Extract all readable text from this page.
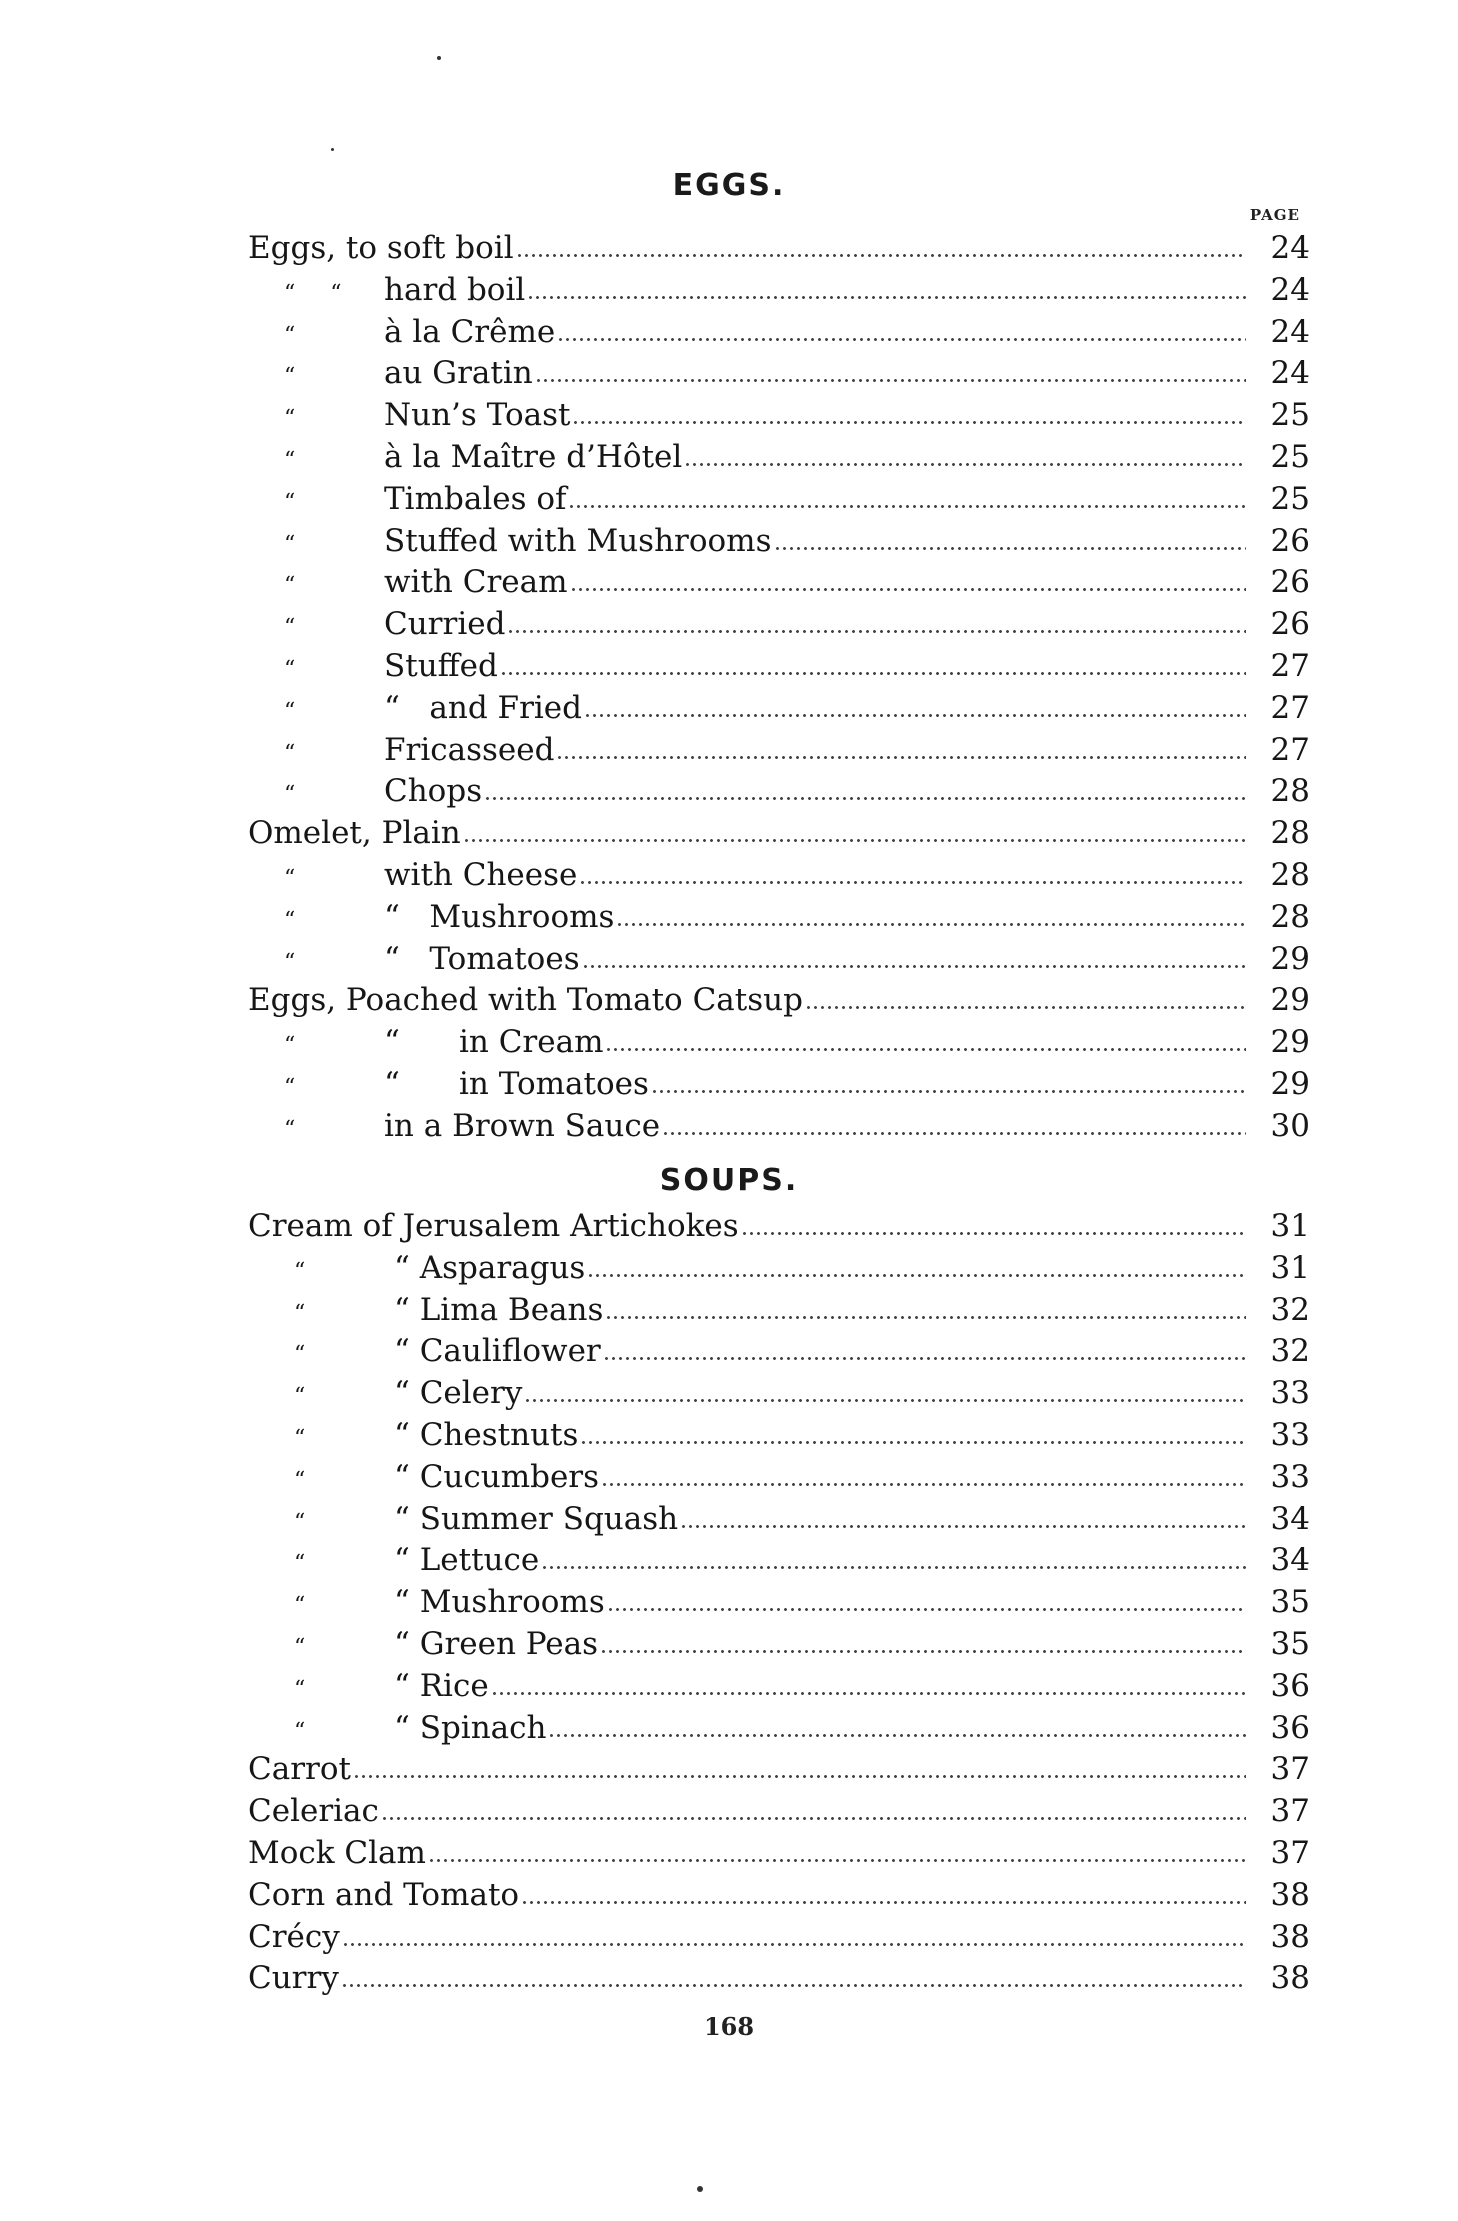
EGGS.
PAGE
Eggs, to soft boil	24
“     “	hard boil	24
“	à la Crême	24
“	au Gratin	24
“	Nun’s Toast	25
“	à la Maître d’Hôtel	25
“	Timbales of	25
“	Stuffed with Mushrooms	26
“	with Cream	26
“	Curried	26
“	Stuffed	27
“	“   and Fried	27
“	Fricasseed	27
“	Chops	28
Omelet, Plain	28
“	with Cheese	28
“	“   Mushrooms	28
“	“   Tomatoes	29
Eggs, Poached with Tomato Catsup	29
“	“      in Cream	29
“	“      in Tomatoes	29
“	in a Brown Sauce	30
SOUPS.
Cream of Jerusalem Artichokes	31
“	“ Asparagus	31
“	“ Lima Beans	32
“	“ Cauliflower	32
“	“ Celery	33
“	“ Chestnuts	33
“	“ Cucumbers	33
“	“ Summer Squash	34
“	“ Lettuce	34
“	“ Mushrooms	35
“	“ Green Peas	35
“	“ Rice	36
“	“ Spinach	36
Carrot	37
Celeriac	37
Mock Clam	37
Corn and Tomato	38
Crécy	38
Curry	38
168
